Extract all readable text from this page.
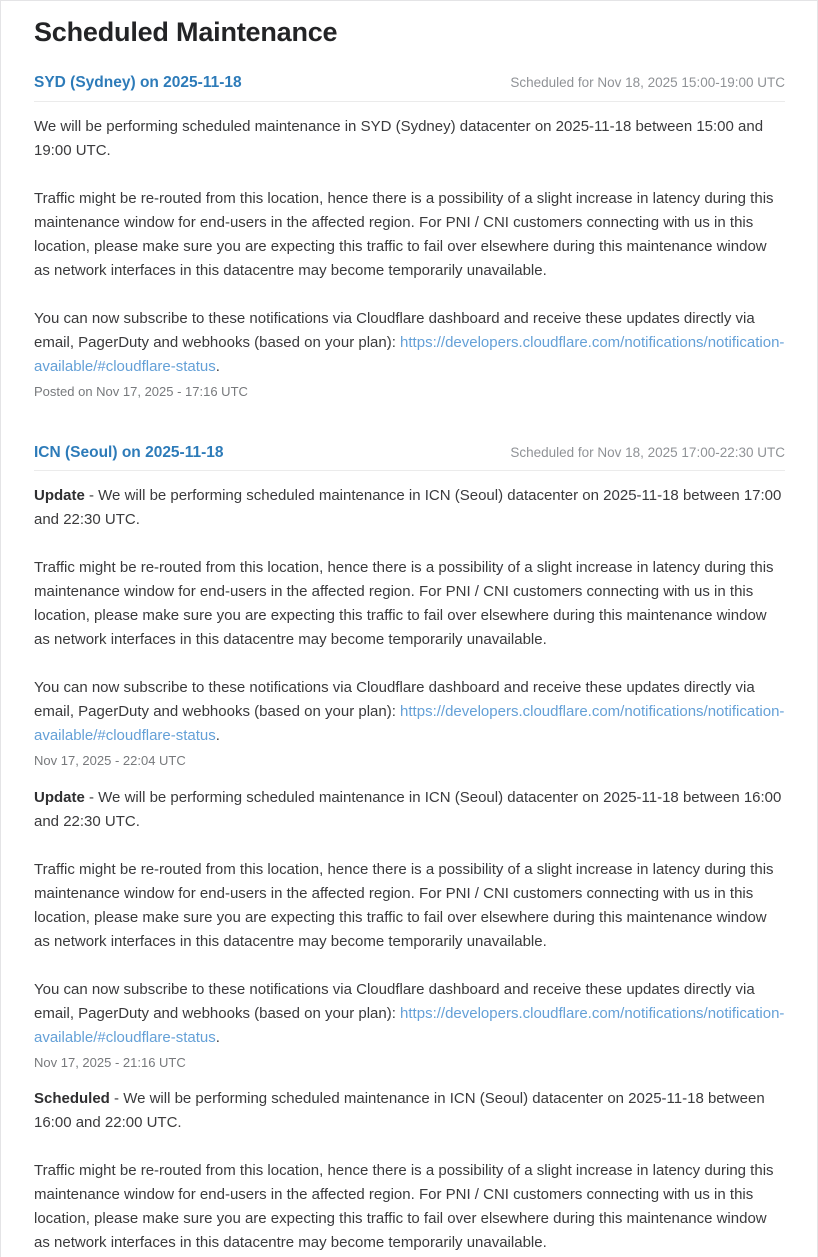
Scheduled Maintenance
SYD (Sydney) on 2025-11-18	Scheduled for Nov 18, 2025 15:00-19:00 UTC

We will be performing scheduled maintenance in SYD (Sydney) datacenter on 2025-11-18 between 15:00 and 19:00 UTC.

Traffic might be re-routed from this location, hence there is a possibility of a slight increase in latency during this maintenance window for end-users in the affected region. For PNI / CNI customers connecting with us in this location, please make sure you are expecting this traffic to fail over elsewhere during this maintenance window as network interfaces in this datacentre may become temporarily unavailable.

You can now subscribe to these notifications via Cloudflare dashboard and receive these updates directly via email, PagerDuty and webhooks (based on your plan): https://developers.cloudflare.com/notifications/notification-available/#cloudflare-status.

Posted on Nov 17, 2025 - 17:16 UTC
ICN (Seoul) on 2025-11-18	Scheduled for Nov 18, 2025 17:00-22:30 UTC

Update - We will be performing scheduled maintenance in ICN (Seoul) datacenter on 2025-11-18 between 17:00 and 22:30 UTC.

Traffic might be re-routed from this location, hence there is a possibility of a slight increase in latency during this maintenance window for end-users in the affected region. For PNI / CNI customers connecting with us in this location, please make sure you are expecting this traffic to fail over elsewhere during this maintenance window as network interfaces in this datacentre may become temporarily unavailable.

You can now subscribe to these notifications via Cloudflare dashboard and receive these updates directly via email, PagerDuty and webhooks (based on your plan): https://developers.cloudflare.com/notifications/notification-available/#cloudflare-status.

Nov 17, 2025 - 22:04 UTC

Update - We will be performing scheduled maintenance in ICN (Seoul) datacenter on 2025-11-18 between 16:00 and 22:30 UTC.

Traffic might be re-routed from this location, hence there is a possibility of a slight increase in latency during this maintenance window for end-users in the affected region. For PNI / CNI customers connecting with us in this location, please make sure you are expecting this traffic to fail over elsewhere during this maintenance window as network interfaces in this datacentre may become temporarily unavailable.

You can now subscribe to these notifications via Cloudflare dashboard and receive these updates directly via email, PagerDuty and webhooks (based on your plan): https://developers.cloudflare.com/notifications/notification-available/#cloudflare-status.

Nov 17, 2025 - 21:16 UTC

Scheduled - We will be performing scheduled maintenance in ICN (Seoul) datacenter on 2025-11-18 between 16:00 and 22:00 UTC.

Traffic might be re-routed from this location, hence there is a possibility of a slight increase in latency during this maintenance window for end-users in the affected region. For PNI / CNI customers connecting with us in this location, please make sure you are expecting this traffic to fail over elsewhere during this maintenance window as network interfaces in this datacentre may become temporarily unavailable.
